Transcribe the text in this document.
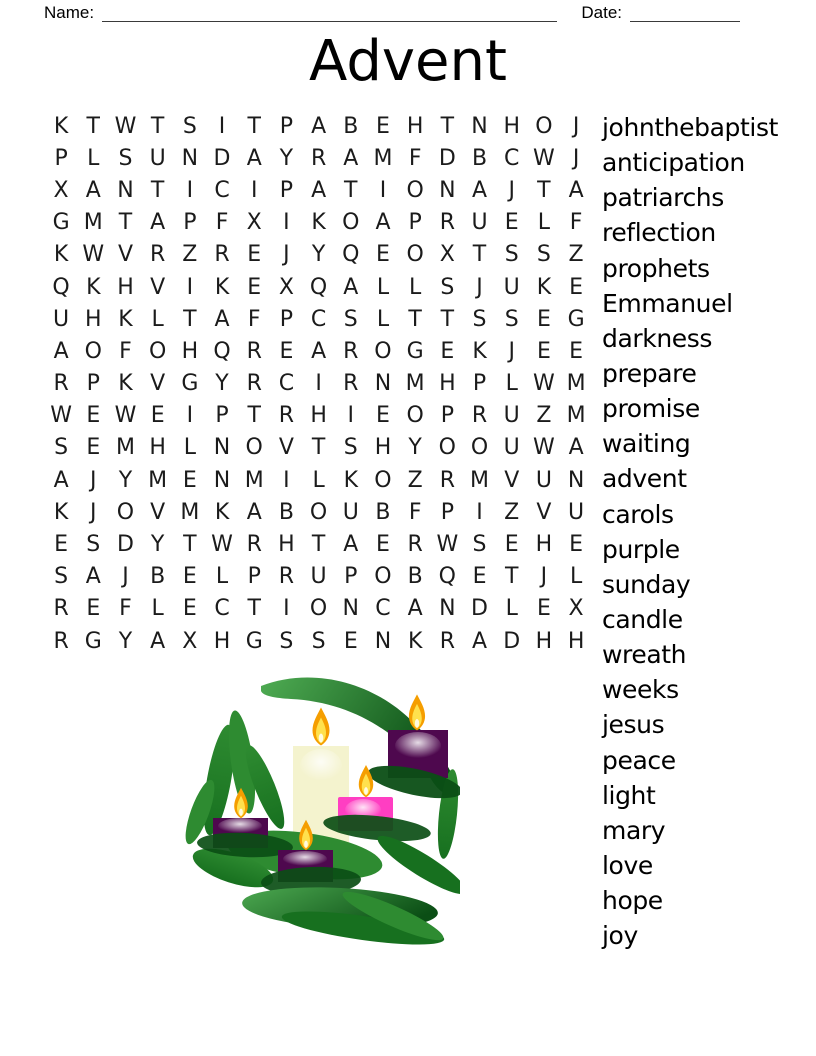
Name:	Date:
Advent
K T W T S I	T P A B E H T N H O J
P L S U N D A Y R A M F D B C W J
X A N T	I C I	P A T	I O N A J	T A
G M T A P F X I K O A P R U E L F
K W V R Z R E J	Y Q E O X T S S Z
Q K H V I K E X Q A L L S J U K E
U H K L T A F P C S L T T S S E G
A O F O H Q R E A R O G E K J E E
R P K V G Y R C I R N M H P L W M
W E W E I	P T R H I E O P R U Z M
S E M H L N O V T S H Y O O U W A
A J	Y M E N M I	L K O Z R M V U N
K J O V M K A B O U B F P	I Z V U
E S D Y T W R H T A E R W S E H E
S A J B E L P R U P O B Q E T	J	L
R E F L E C T	I O N C A N D L E X
R G Y A X H G S S E N K R A D H H
johnthebaptist
anticipation
patriarchs
reflection
prophets
Emmanuel
darkness
prepare
promise
waiting
advent
carols
purple
sunday
candle
wreath
weeks
jesus
peace
light
mary
love
hope
joy
